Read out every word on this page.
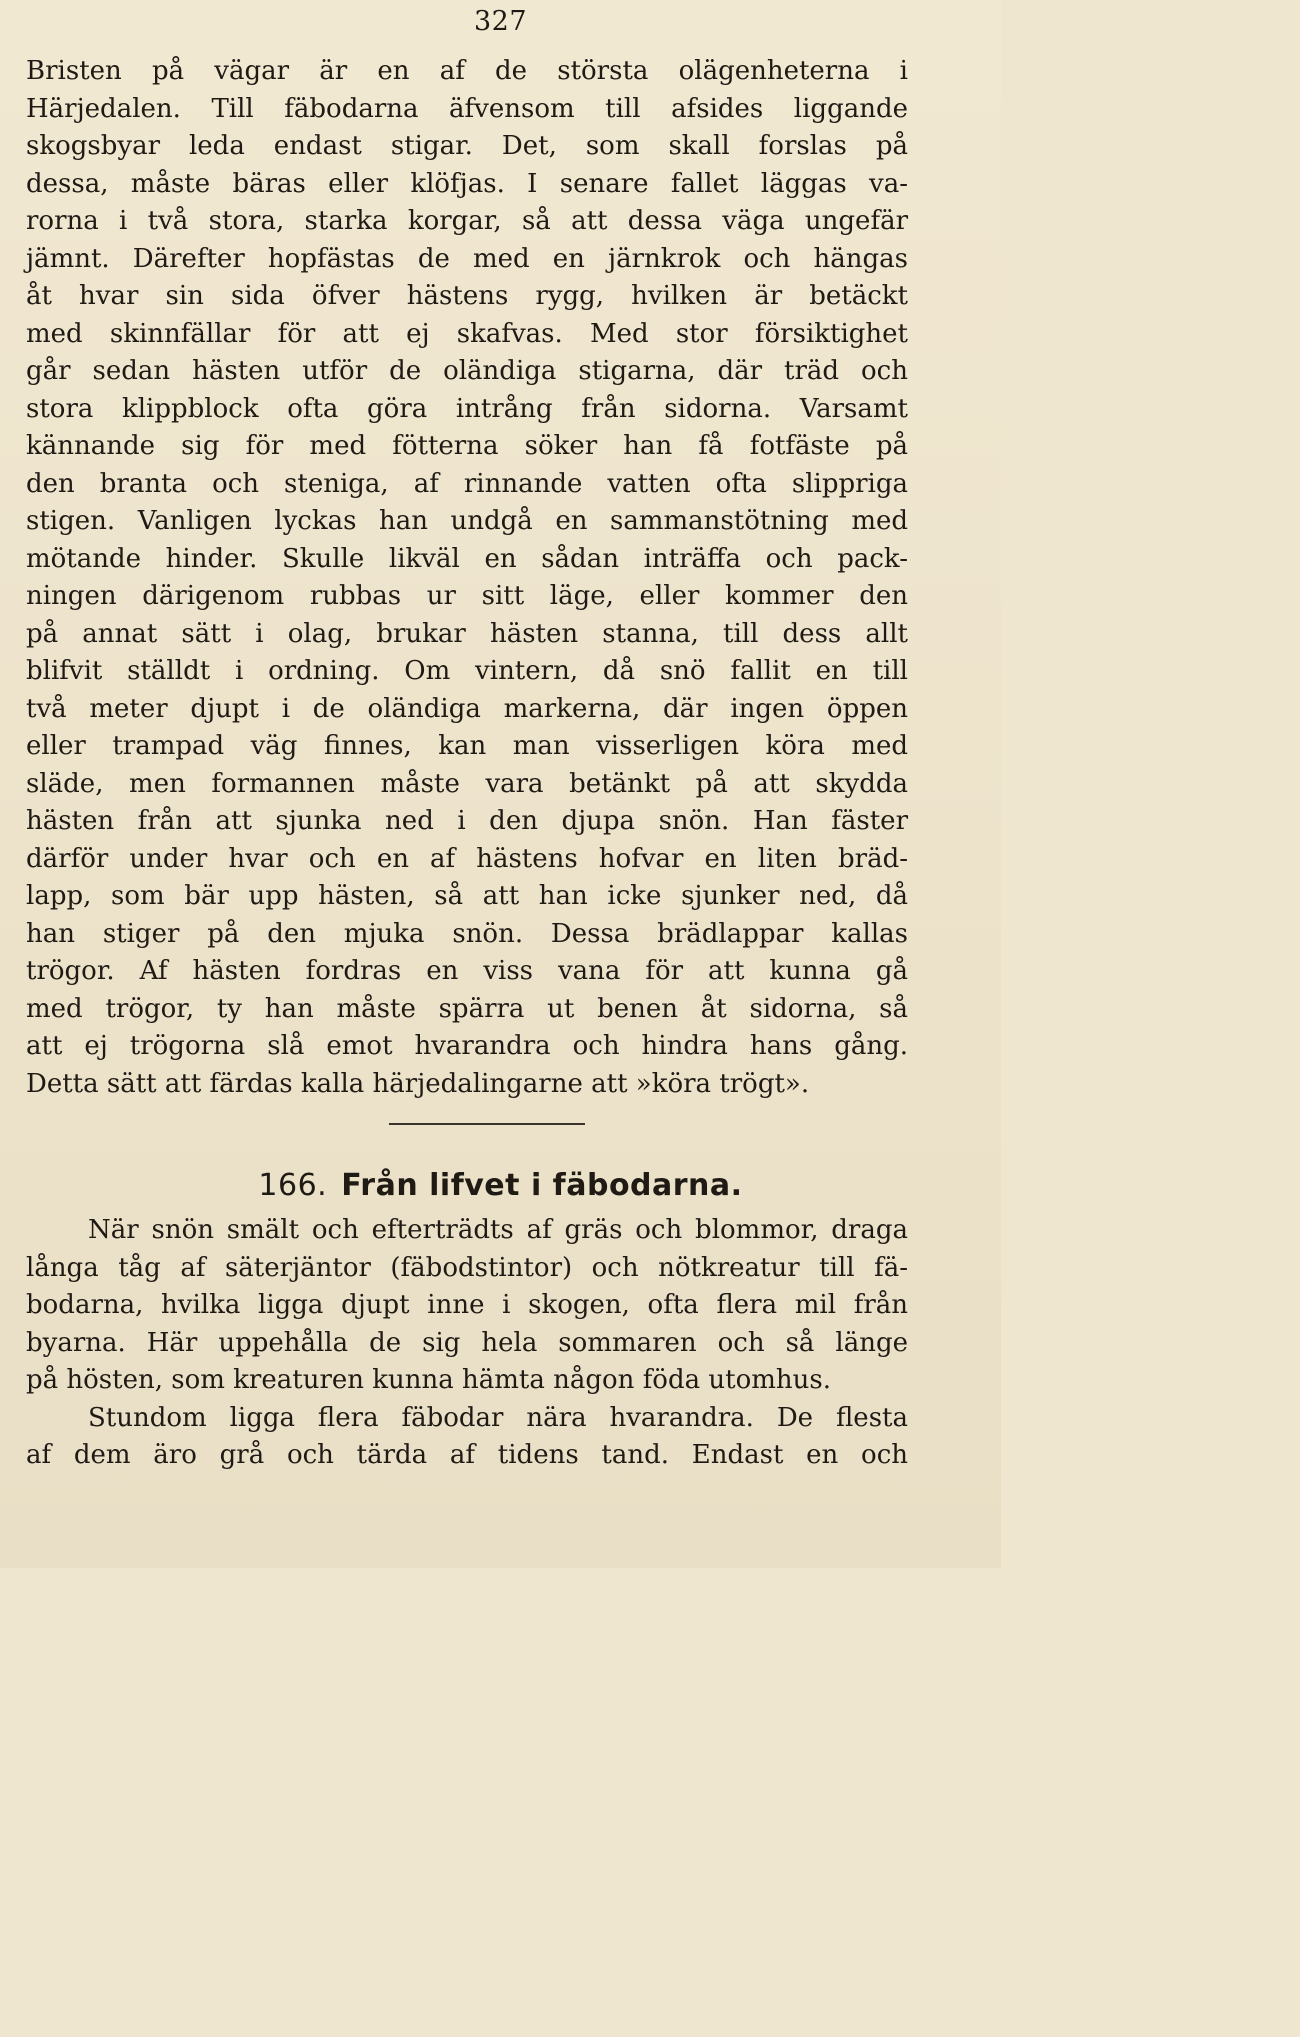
327
Bristen på vägar är en af de största olägenheterna i
Härjedalen. Till fäbodarna äfvensom till afsides liggande
skogsbyar leda endast stigar. Det, som skall forslas på
dessa, måste bäras eller klöfjas. I senare fallet läggas va-
rorna i två stora, starka korgar, så att dessa väga ungefär
jämnt. Därefter hopfästas de med en järnkrok och hängas
åt hvar sin sida öfver hästens rygg, hvilken är betäckt
med skinnfällar för att ej skafvas. Med stor försiktighet
går sedan hästen utför de oländiga stigarna, där träd och
stora klippblock ofta göra intrång från sidorna. Varsamt
kännande sig för med fötterna söker han få fotfäste på
den branta och steniga, af rinnande vatten ofta slippriga
stigen. Vanligen lyckas han undgå en sammanstötning med
mötande hinder. Skulle likväl en sådan inträffa och pack-
ningen därigenom rubbas ur sitt läge, eller kommer den
på annat sätt i olag, brukar hästen stanna, till dess allt
blifvit ställdt i ordning. Om vintern, då snö fallit en till
två meter djupt i de oländiga markerna, där ingen öppen
eller trampad väg finnes, kan man visserligen köra med
släde, men formannen måste vara betänkt på att skydda
hästen från att sjunka ned i den djupa snön. Han fäster
därför under hvar och en af hästens hofvar en liten bräd-
lapp, som bär upp hästen, så att han icke sjunker ned, då
han stiger på den mjuka snön. Dessa brädlappar kallas
trögor. Af hästen fordras en viss vana för att kunna gå
med trögor, ty han måste spärra ut benen åt sidorna, så
att ej trögorna slå emot hvarandra och hindra hans gång.
Detta sätt att färdas kalla härjedalingarne att »köra trögt».
166. Från lifvet i fäbodarna.
När snön smält och efterträdts af gräs och blommor, draga
långa tåg af säterjäntor (fäbodstintor) och nötkreatur till fä-
bodarna, hvilka ligga djupt inne i skogen, ofta flera mil från
byarna. Här uppehålla de sig hela sommaren och så länge
på hösten, som kreaturen kunna hämta någon föda utomhus.
Stundom ligga flera fäbodar nära hvarandra. De flesta
af dem äro grå och tärda af tidens tand. Endast en och
